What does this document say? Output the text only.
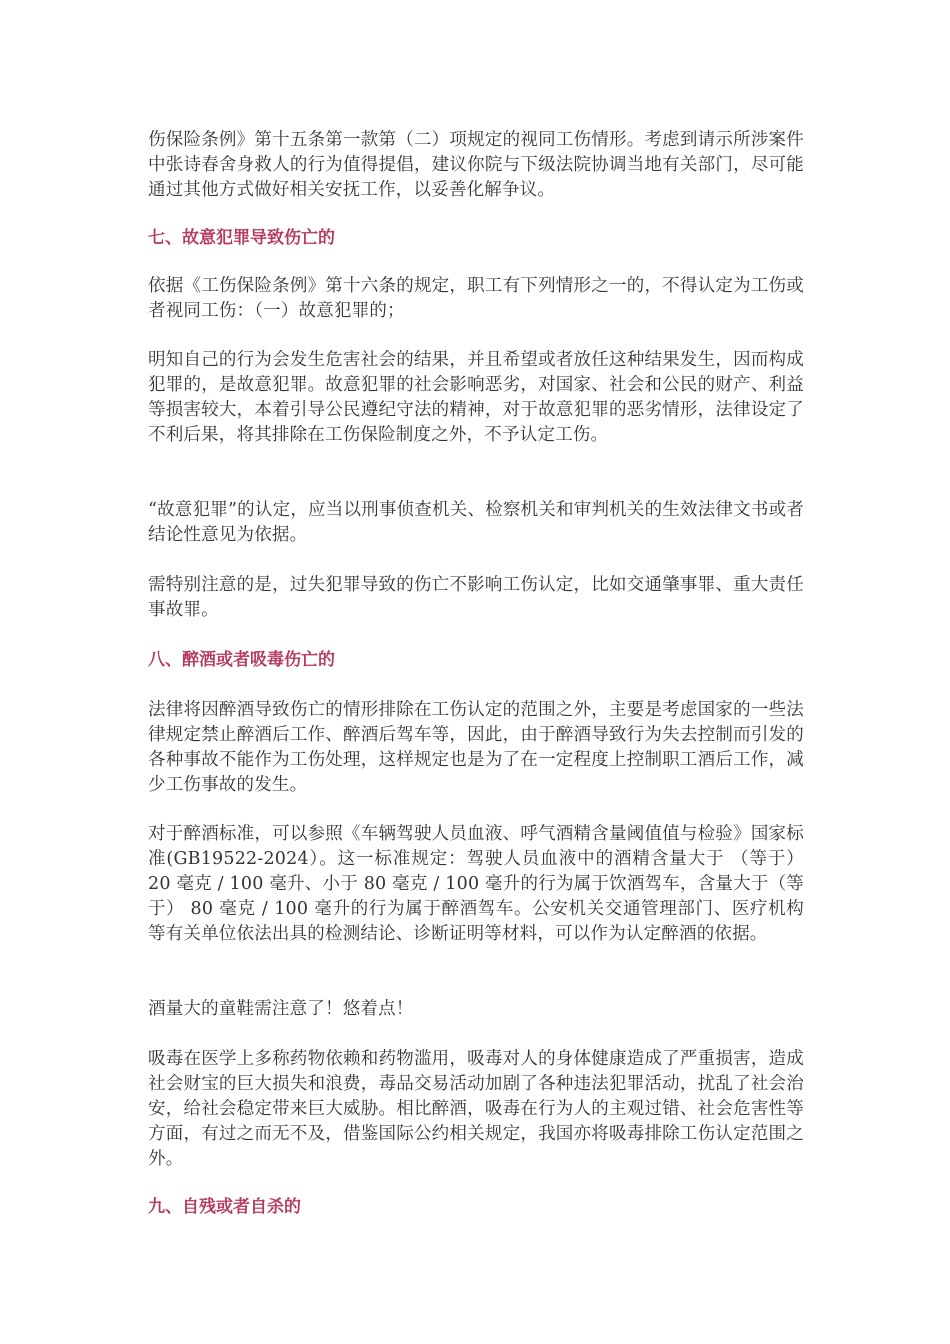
伤保险条例》第十五条第一款第（二）项规定的视同工伤情形。考虑到请示所涉案件中张诗春舍身救人的行为值得提倡，建议你院与下级法院协调当地有关部门，尽可能通过其他方式做好相关安抚工作，以妥善化解争议。

七、故意犯罪导致伤亡的

依据《工伤保险条例》第十六条的规定，职工有下列情形之一的，不得认定为工伤或者视同工伤：（一）故意犯罪的；

明知自己的行为会发生危害社会的结果，并且希望或者放任这种结果发生，因而构成犯罪的，是故意犯罪。故意犯罪的社会影响恶劣，对国家、社会和公民的财产、利益等损害较大，本着引导公民遵纪守法的精神，对于故意犯罪的恶劣情形，法律设定了不利后果，将其排除在工伤保险制度之外，不予认定工伤。

“故意犯罪”的认定，应当以刑事侦查机关、检察机关和审判机关的生效法律文书或者结论性意见为依据。

需特别注意的是，过失犯罪导致的伤亡不影响工伤认定，比如交通肇事罪、重大责任事故罪。

八、醉酒或者吸毒伤亡的

法律将因醉酒导致伤亡的情形排除在工伤认定的范围之外，主要是考虑国家的一些法律规定禁止醉酒后工作、醉酒后驾车等，因此，由于醉酒导致行为失去控制而引发的各种事故不能作为工伤处理，这样规定也是为了在一定程度上控制职工酒后工作，减少工伤事故的发生。

对于醉酒标准，可以参照《车辆驾驶人员血液、呼气酒精含量阈值值与检验》国家标准(GB19522-2024）。这一标准规定：驾驶人员血液中的酒精含量大于 （等于） 20 毫克 / 100 毫升、小于 80 毫克 / 100 毫升的行为属于饮酒驾车，含量大于（等于） 80 毫克 / 100 毫升的行为属于醉酒驾车。公安机关交通管理部门、医疗机构等有关单位依法出具的检测结论、诊断证明等材料，可以作为认定醉酒的依据。

酒量大的童鞋需注意了！悠着点！

吸毒在医学上多称药物依赖和药物滥用，吸毒对人的身体健康造成了严重损害，造成社会财宝的巨大损失和浪费，毒品交易活动加剧了各种违法犯罪活动，扰乱了社会治安，给社会稳定带来巨大威胁。相比醉酒，吸毒在行为人的主观过错、社会危害性等方面，有过之而无不及，借鉴国际公约相关规定，我国亦将吸毒排除工伤认定范围之外。

九、自残或者自杀的
